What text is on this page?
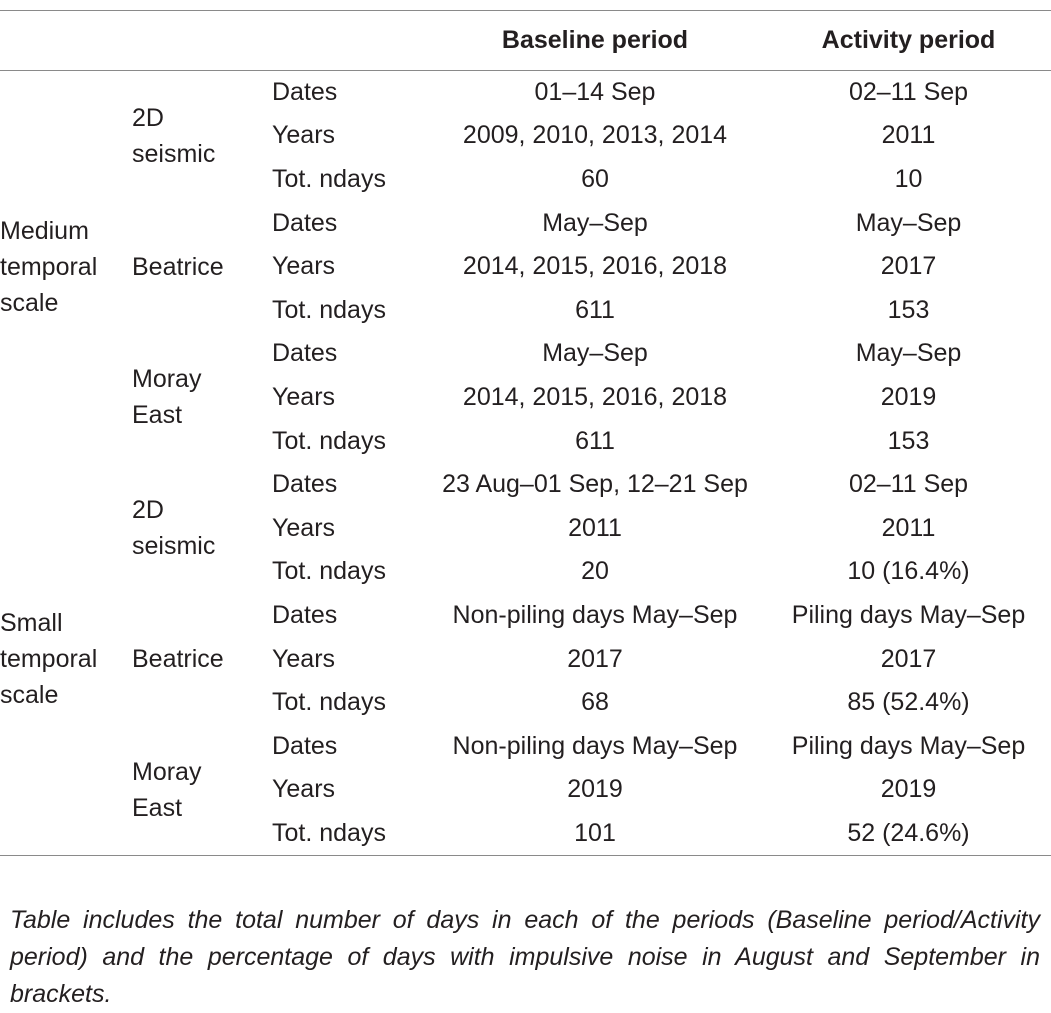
			Baseline period	Activity period

Medium
temporal
scale	2D
seismic	Dates	01–14 Sep	02–11 Sep
		Years	2009, 2010, 2013, 2014	2011
		Tot. ndays	60	10

	Beatrice	Dates	May–Sep	May–Sep
		Years	2014, 2015, 2016, 2018	2017
		Tot. ndays	611	153

	Moray
East	Dates	May–Sep	May–Sep
		Years	2014, 2015, 2016, 2018	2019
		Tot. ndays	611	153

Small
temporal
scale	2D
seismic	Dates	23 Aug–01 Sep, 12–21 Sep	02–11 Sep
		Years	2011	2011
		Tot. ndays	20	10 (16.4%)

	Beatrice	Dates	Non-piling days May–Sep	Piling days May–Sep
		Years	2017	2017
		Tot. ndays	68	85 (52.4%)

	Moray
East	Dates	Non-piling days May–Sep	Piling days May–Sep
		Years	2019	2019
		Tot. ndays	101	52 (24.6%)

Table includes the total number of days in each of the periods (Baseline period/Activity period) and the percentage of days with impulsive noise in August and September in brackets.
